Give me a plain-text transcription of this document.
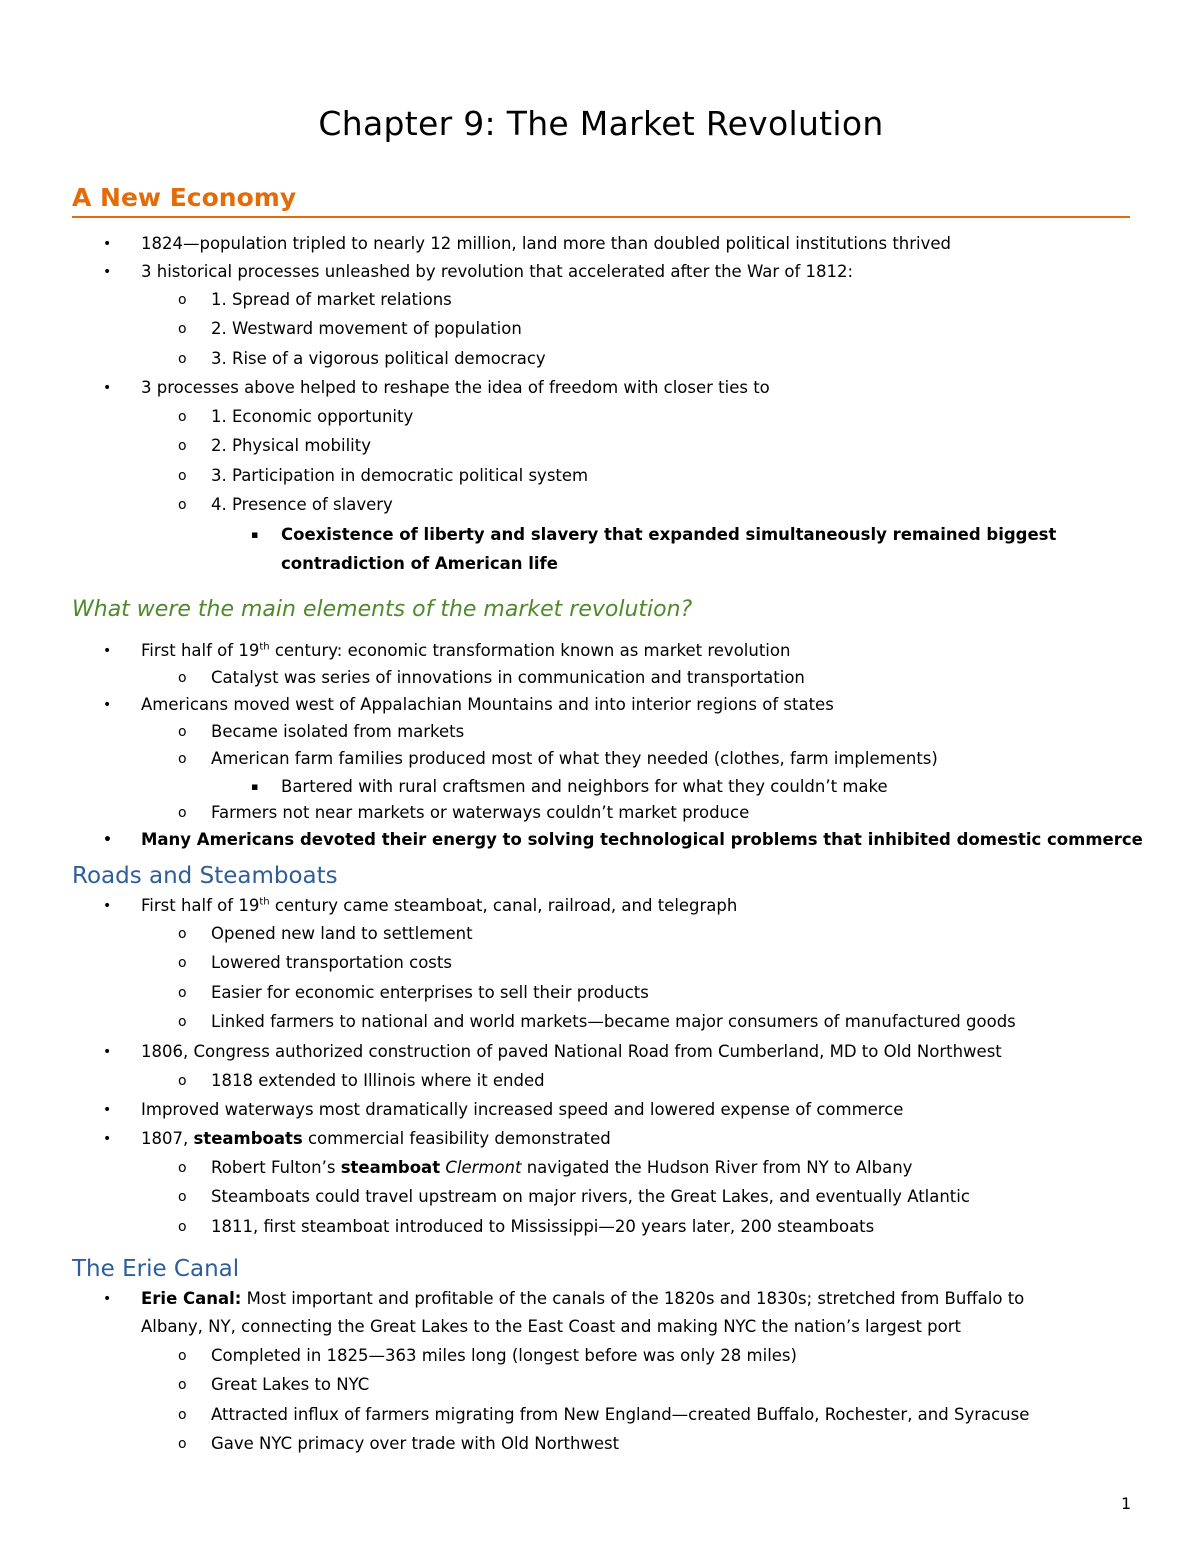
Chapter 9: The Market Revolution
A New Economy
• 1824—population tripled to nearly 12 million, land more than doubled political institutions thrived
• 3 historical processes unleashed by revolution that accelerated after the War of 1812:
o 1. Spread of market relations
o 2. Westward movement of population
o 3. Rise of a vigorous political democracy
• 3 processes above helped to reshape the idea of freedom with closer ties to
o 1. Economic opportunity
o 2. Physical mobility
o 3. Participation in democratic political system
o 4. Presence of slavery
▪ Coexistence of liberty and slavery that expanded simultaneously remained biggest
contradiction of American life
What were the main elements of the market revolution?
• First half of 19th century: economic transformation known as market revolution
o Catalyst was series of innovations in communication and transportation
• Americans moved west of Appalachian Mountains and into interior regions of states
o Became isolated from markets
o American farm families produced most of what they needed (clothes, farm implements)
▪ Bartered with rural craftsmen and neighbors for what they couldn’t make
o Farmers not near markets or waterways couldn’t market produce
• Many Americans devoted their energy to solving technological problems that inhibited domestic commerce
Roads and Steamboats
• First half of 19th century came steamboat, canal, railroad, and telegraph
o Opened new land to settlement
o Lowered transportation costs
o Easier for economic enterprises to sell their products
o Linked farmers to national and world markets—became major consumers of manufactured goods
• 1806, Congress authorized construction of paved National Road from Cumberland, MD to Old Northwest
o 1818 extended to Illinois where it ended
• Improved waterways most dramatically increased speed and lowered expense of commerce
• 1807, steamboats commercial feasibility demonstrated
o Robert Fulton’s steamboat Clermont navigated the Hudson River from NY to Albany
o Steamboats could travel upstream on major rivers, the Great Lakes, and eventually Atlantic
o 1811, first steamboat introduced to Mississippi—20 years later, 200 steamboats
The Erie Canal
• Erie Canal: Most important and profitable of the canals of the 1820s and 1830s; stretched from Buffalo to
Albany, NY, connecting the Great Lakes to the East Coast and making NYC the nation’s largest port
o Completed in 1825—363 miles long (longest before was only 28 miles)
o Great Lakes to NYC
o Attracted influx of farmers migrating from New England—created Buffalo, Rochester, and Syracuse
o Gave NYC primacy over trade with Old Northwest
1
